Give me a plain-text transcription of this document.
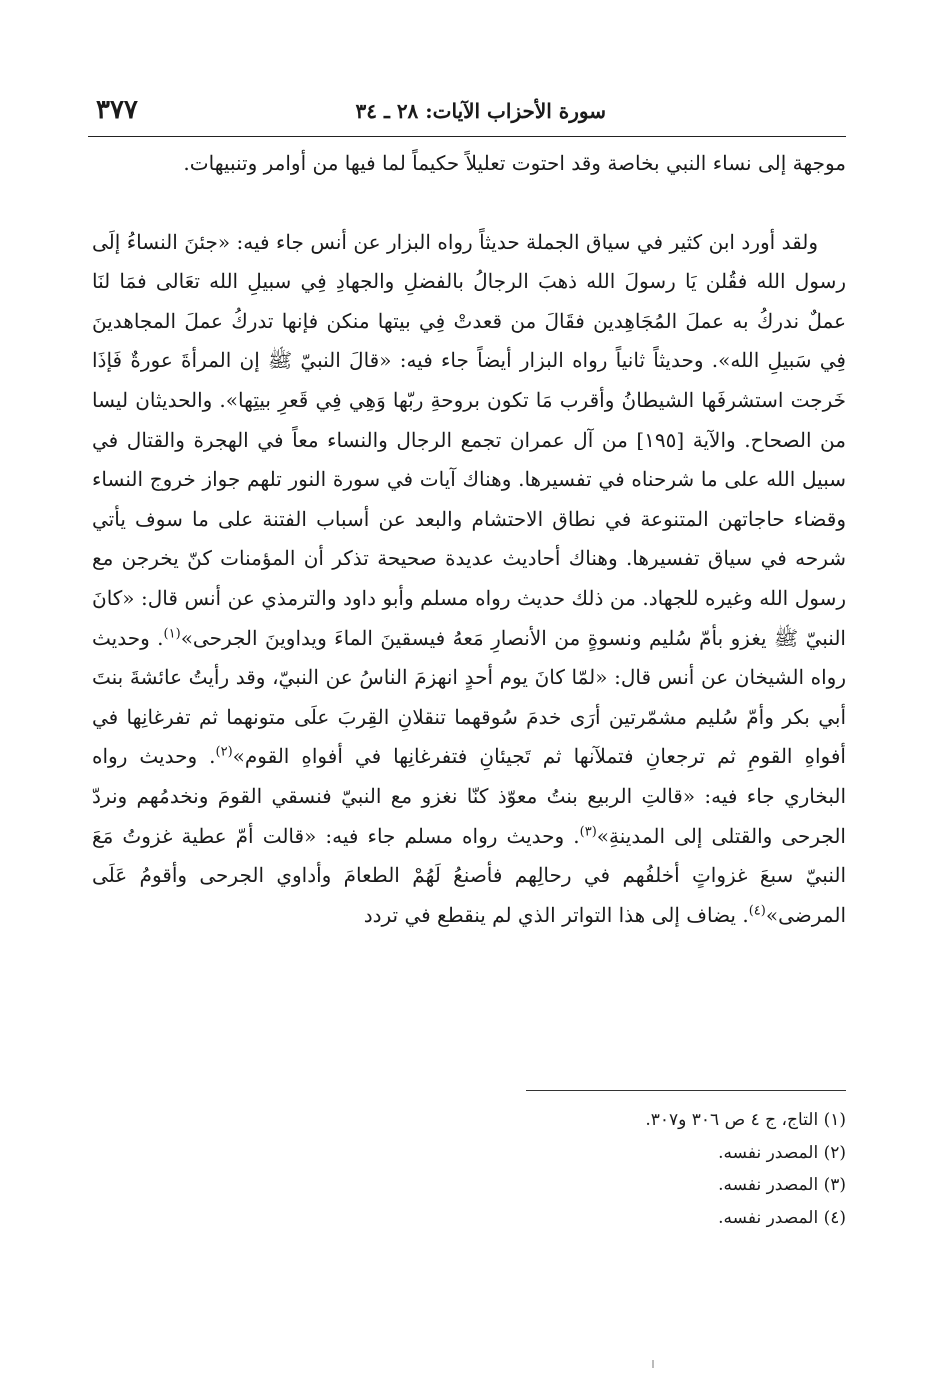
سورة الأحزاب الآيات: ٢٨ ـ ٣٤
٣٧٧

موجهة إلى نساء النبي بخاصة وقد احتوت تعليلاً حكيماً لما فيها من أوامر وتنبيهات.

ولقد أورد ابن كثير في سياق الجملة حديثاً رواه البزار عن أنس جاء فيه: «جئنَ النساءُ إلَى رسول الله فقُلن يَا رسولَ الله ذهبَ الرجالُ بالفضلِ والجهادِ فِي سبيلِ الله تعَالى فمَا لنَا عملٌ ندركُ به عملَ المُجَاهِدين فقَالَ من قعدتْ فِي بيتها منكن فإنها تدركُ عملَ المجاهدينَ فِي سَبيلِ الله». وحديثاً ثانياً رواه البزار أيضاً جاء فيه: «قالَ النبيّ ﷺ إن المرأةَ عورةٌ فَإذَا خَرجت استشرفَها الشيطانُ وأقرب مَا تكون بروحةِ ربّها وَهِي فِي قَعرِ بيتِها». والحديثان ليسا من الصحاح. والآية [١٩٥] من آل عمران تجمع الرجال والنساء معاً في الهجرة والقتال في سبيل الله على ما شرحناه في تفسيرها. وهناك آيات في سورة النور تلهم جواز خروج النساء وقضاء حاجاتهن المتنوعة في نطاق الاحتشام والبعد عن أسباب الفتنة على ما سوف يأتي شرحه في سياق تفسيرها. وهناك أحاديث عديدة صحيحة تذكر أن المؤمنات كنّ يخرجن مع رسول الله وغيره للجهاد. من ذلك حديث رواه مسلم وأبو داود والترمذي عن أنس قال: «كانَ النبيّ ﷺ يغزو بأمّ سُليم ونسوةٍ من الأنصارِ مَعهُ فيسقينَ الماءَ ويداوينَ الجرحى»$^{(١)}$. وحديث رواه الشيخان عن أنس قال: «لمّا كانَ يوم أحدٍ انهزمَ الناسُ عن النبيّ، وقد رأيتُ عائشةَ بنتَ أبي بكر وأمّ سُليم مشمّرتين أرَى خدمَ سُوقهما تنقلانِ القِربَ علَى متونهما ثم تفرغانِها في أفواهِ القومِ ثم ترجعانِ فتملآنها ثم تَجيئانِ فتفرغانِها في أفواهِ القوم»$^{(٢)}$. وحديث رواه البخاري جاء فيه: «قالتِ الربيع بنتُ معوّذ كنّا نغزو مع النبيّ فنسقي القومَ ونخدمُهم ونردّ الجرحى والقتلى إلى المدينةِ»$^{(٣)}$. وحديث رواه مسلم جاء فيه: «قالت أمّ عطية غزوتُ مَعَ النبيّ سبعَ غزواتٍ أخلفُهم في رحالِهم فأصنعُ لَهُمْ الطعامَ وأداوي الجرحى وأقومُ عَلَى المرضى»$^{(٤)}$. يضاف إلى هذا التواتر الذي لم ينقطع في تردد

(١) التاج، ج ٤ ص ٣٠٦ و٣٠٧.
(٢) المصدر نفسه.
(٣) المصدر نفسه.
(٤) المصدر نفسه.
